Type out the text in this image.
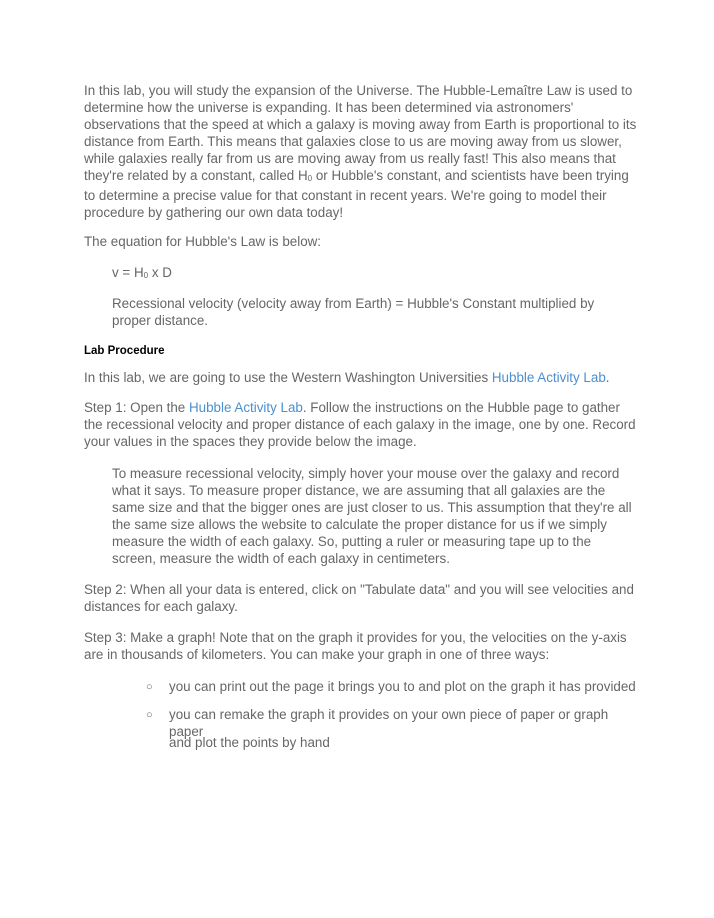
In this lab, you will study the expansion of the Universe. The Hubble-Lemaître Law is used to determine how the universe is expanding. It has been determined via astronomers' observations that the speed at which a galaxy is moving away from Earth is proportional to its distance from Earth. This means that galaxies close to us are moving away from us slower, while galaxies really far from us are moving away from us really fast! This also means that they're related by a constant, called $H_0$ or Hubble's constant, and scientists have been trying to determine a precise value for that constant in recent years. We're going to model their procedure by gathering our own data today!

The equation for Hubble's Law is below:

$v = H_0$ x D

Recessional velocity (velocity away from Earth) = Hubble's Constant multiplied by proper distance.

Lab Procedure

In this lab, we are going to use the Western Washington Universities Hubble Activity Lab.

Step 1: Open the Hubble Activity Lab. Follow the instructions on the Hubble page to gather the recessional velocity and proper distance of each galaxy in the image, one by one. Record your values in the spaces they provide below the image.

To measure recessional velocity, simply hover your mouse over the galaxy and record what it says. To measure proper distance, we are assuming that all galaxies are the same size and that the bigger ones are just closer to us. This assumption that they're all the same size allows the website to calculate the proper distance for us if we simply measure the width of each galaxy. So, putting a ruler or measuring tape up to the screen, measure the width of each galaxy in centimeters.

Step 2: When all your data is entered, click on "Tabulate data" and you will see velocities and distances for each galaxy.

Step 3: Make a graph! Note that on the graph it provides for you, the velocities on the y-axis are in thousands of kilometers. You can make your graph in one of three ways:

○ you can print out the page it brings you to and plot on the graph it has provided
○ you can remake the graph it provides on your own piece of paper or graph paper
and plot the points by hand
